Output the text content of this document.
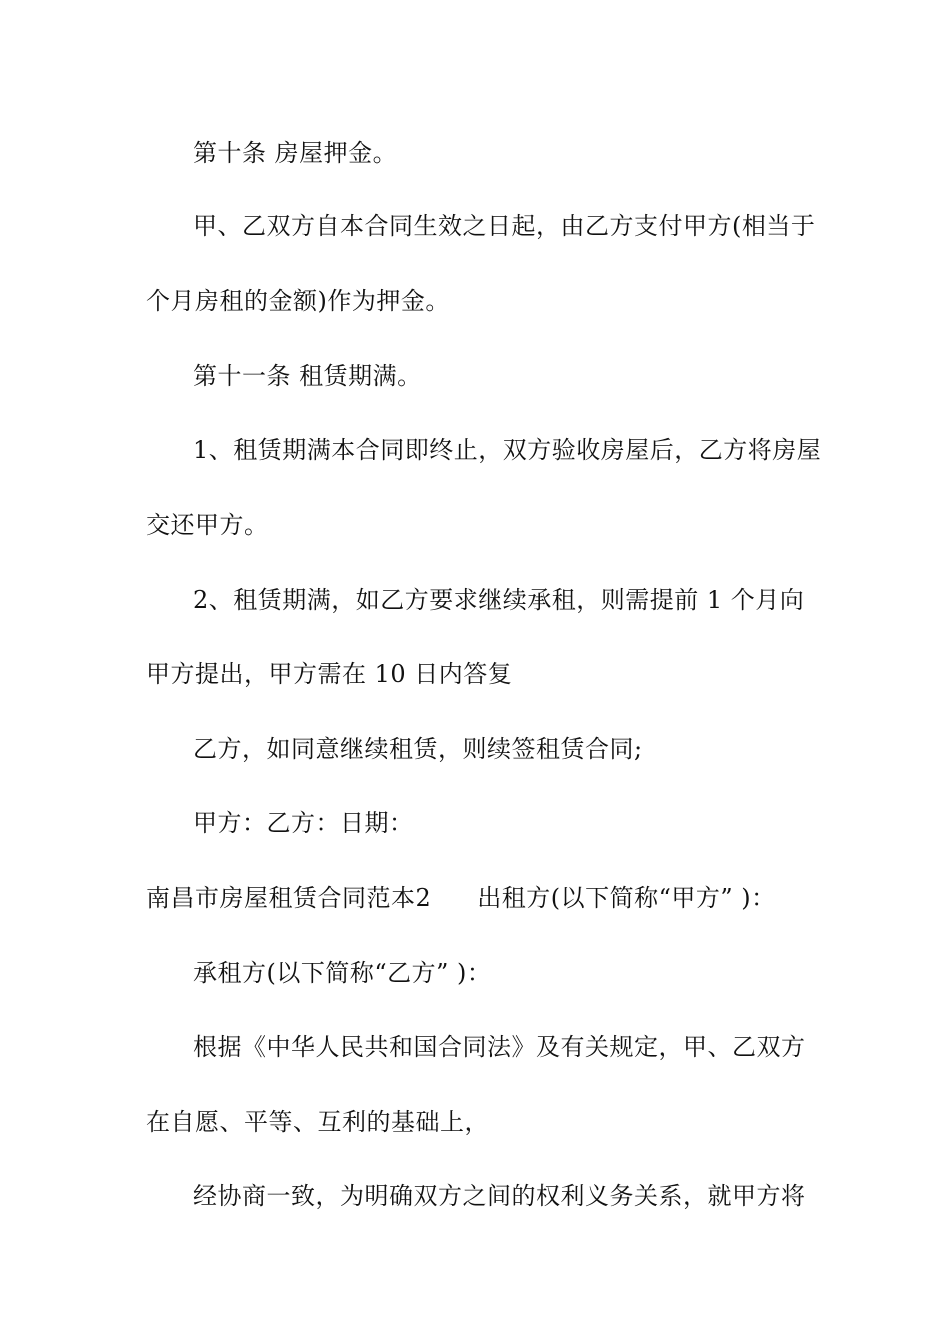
第十条 房屋押金。
甲、乙双方自本合同生效之日起，由乙方支付甲方(相当于
个月房租的金额)作为押金。
第十一条 租赁期满。
1、租赁期满本合同即终止，双方验收房屋后，乙方将房屋
交还甲方。
2、租赁期满，如乙方要求继续承租，则需提前 1 个月向
甲方提出，甲方需在 10 日内答复
乙方，如同意继续租赁，则续签租赁合同;
甲方：乙方：日期：
南昌市房屋租赁合同范本2 出租方(以下简称“甲方” )：
承租方(以下简称“乙方” )：
根据《中华人民共和国合同法》及有关规定，甲、乙双方
在自愿、平等、互利的基础上，
经协商一致，为明确双方之间的权利义务关系，就甲方将
